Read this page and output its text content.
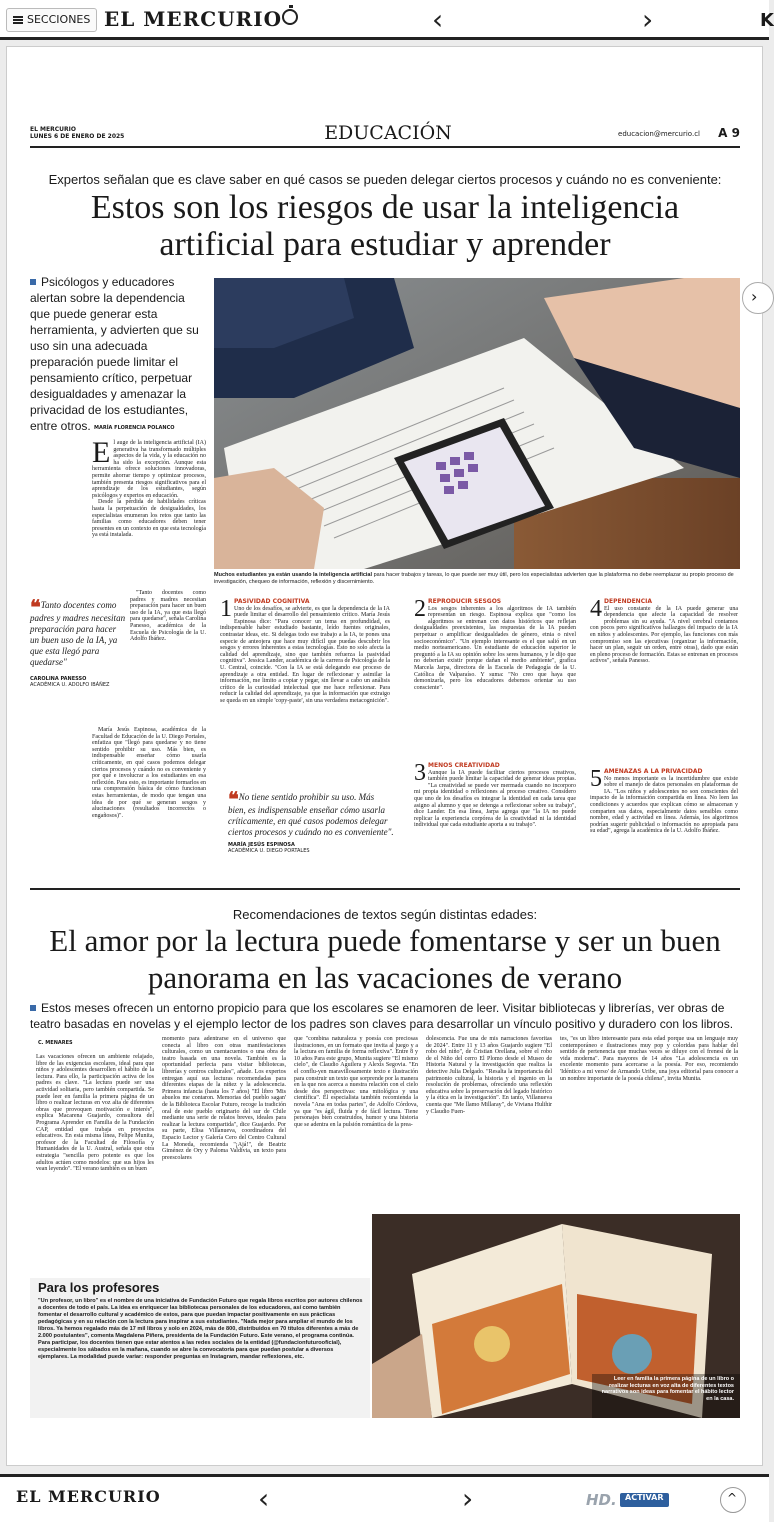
SECCIONES EL MERCURIO	‹	›	K
EL MERCURIO
LUNES 6 DE ENERO DE 2025	EDUCACIÓN	educacion@mercurio.cl A 9
Expertos señalan que es clave saber en qué casos se pueden delegar ciertos procesos y cuándo no es conveniente:
Estos son los riesgos de usar la inteligencia artificial para estudiar y aprender
Psicólogos y educadores alertan sobre la dependencia que puede generar esta herramienta, y advierten que su uso sin una adecuada preparación puede limitar el pensamiento crítico, perpetuar desigualdades y amenazar la privacidad de los estudiantes, entre otros. MARÍA FLORENCIA POLANCO
El auge de la inteligencia artificial (IA) generativa ha transformado múltiples aspectos de la vida, y la educación no ha sido la excepción. Aunque esta herramienta ofrece soluciones innovadoras, permite ahorrar tiempo y optimizar procesos, también presenta riesgos significativos para el aprendizaje de los estudiantes, según psicólogos y expertos en educación.

Desde la pérdida de habilidades críticas hasta la perpetuación de desigualdades, los especialistas enumeran los retos que tanto las familias como educadores deben tener presentes en un contexto en que esta tecnología ya está instalada.

❝Tanto docentes como padres y madres necesitan preparación para hacer un buen uso de la IA, ya que esta llegó para quedarse"
CAROLINA PANESSO
ACADÉMICA U. ADOLFO IBÁÑEZ

"Tanto docentes como padres y madres necesitan preparación para hacer un buen uso de la IA, ya que esta llegó para quedarse", señala Carolina Panesso, académica de la Escuela de Psicología de la U. Adolfo Ibáñez.

María Jesús Espinosa, académica de la Facultad de Educación de la U. Diego Portales, enfatiza que "llegó para quedarse y no tiene sentido prohibir su uso. Más bien, es indispensable enseñar cómo usarla críticamente, en qué casos podemos delegar ciertos procesos y cuándo no es conveniente y por qué e involucrar a los estudiantes en esa reflexión. Para esto, es importante formarlos en una comprensión básica de cómo funcionan estas herramientas, de modo que tengan una idea de por qué se generan sesgos y alucinaciones (resultados incorrectos o engañosos)".

Muchos estudiantes ya están usando la inteligencia artificial para hacer trabajos y tareas, lo que puede ser muy útil, pero los especialistas advierten que la plataforma no debe reemplazar su propio proceso de investigación, chequeo de información, reflexión y discernimiento.
1 PASIVIDAD COGNITIVA
Uno de los desafíos, se advierte, es que la dependencia de la IA puede limitar el desarrollo del pensamiento crítico. María Jesús Espinosa dice: "Para conocer un tema en profundidad, es indispensable haber estudiado bastante, leído fuentes originales, contrastar ideas, etc. Si delegas todo ese trabajo a la IA, te pones una especie de anteojera que hace muy difícil que puedas descubrir los sesgos y errores inherentes a estas tecnologías. Esto no solo afecta la calidad del aprendizaje, sino que también refuerza la pasividad cognitiva". Jessica Lander, académica de la carrera de Psicología de la U. Central, coincide. "Con la IA se está delegando ese proceso de aprendizaje a otra entidad. En lugar de reflexionar y asimilar la información, me limito a copiar y pegar, sin llevar a cabo un análisis crítico de la curiosidad intelectual que me hace reflexionar. Para reducir la calidad del aprendizaje, ya que la información que extraigo se queda en un simple 'copy-paste', sin una verdadera metacognición".
❝No tiene sentido prohibir su uso. Más bien, es indispensable enseñar cómo usarla críticamente, en qué casos podemos delegar ciertos procesos y cuándo no es conveniente".
MARÍA JESÚS ESPINOSA
ACADÉMICA U. DIEGO PORTALES
2 REPRODUCIR SESGOS
Los sesgos inherentes a los algoritmos de IA también representan un riesgo. Espinosa explica que "como los algoritmos se entrenan con datos históricos que reflejan desigualdades preexistentes, las respuestas de la IA pueden perpetuar o amplificar desigualdades de género, etnia o nivel socioeconómico". "Un ejemplo interesante es el que salió en un medio norteamericano. Un estudiante de educación superior le preguntó a la IA su opinión sobre los seres humanos, y le dijo que no deberían existir porque dañan el medio ambiente", grafica Marcela Jarpa, directora de la Escuela de Pedagogía de la U. Católica de Valparaíso. Y suma: "No creo que haya que demonizarla, pero los educadores debemos orientar su uso consciente".
3 MENOS CREATIVIDAD
Aunque la IA puede facilitar ciertos procesos creativos, también puede limitar la capacidad de generar ideas propias. "La creatividad se puede ver mermada cuando no incorporo mi propia identidad o reflexiones al proceso creativo. Considero que uno de los desafíos es integrar la identidad en cada tarea que asigno al alumno y que se detenga a reflexionar sobre su trabajo", dice Lander. En esa línea, Jarpa agrega que "la IA no puede replicar la experiencia corpórea de la creatividad ni la identidad individual que cada estudiante aporta a su trabajo".
4 DEPENDENCIA
El uso constante de la IA puede generar una dependencia que afecte la capacidad de resolver problemas sin su ayuda. "A nivel cerebral contamos con pocos pero significativos hallazgos del impacto de la IA en niños y adolescentes. Por ejemplo, las funciones con más compromiso son las ejecutivas (organizar la información, hacer un plan, seguir un orden, entre otras), dado que están en pleno proceso de formación. Estas se entrenan en procesos activos", señala Panesso.
5 AMENAZAS A LA PRIVACIDAD
No menos importante es la incertidumbre que existe sobre el manejo de datos personales en plataformas de IA. "Los niños y adolescentes no son conscientes del impacto de la información compartida en línea. No leen las condiciones y acuerdos que explican cómo se almacenan y comparten sus datos, especialmente datos sensibles como nombre, edad y actividad en línea. Además, los algoritmos podrían sugerir publicidad o información no apropiada para su edad", agrega la académica de la U. Adolfo Ibáñez.
Recomendaciones de textos según distintas edades:
El amor por la lectura puede fomentarse y ser un buen panorama en las vacaciones de verano
Estos meses ofrecen un entorno propicio para que los escolares se enamoren de leer. Visitar bibliotecas y librerías, ver obras de teatro basadas en novelas y el ejemplo lector de los padres son claves para desarrollar un vínculo positivo y duradero con los libros.
C. MENARES
Las vacaciones ofrecen un ambiente relajado, libre de las exigencias escolares, ideal para que niños y adolescentes desarrollen el hábito de la lectura. Para ello, la participación activa de los padres es clave. "La lectura puede ser una actividad solitaria, pero también compartida. Se puede leer en familia la primera página de un libro o realizar lecturas en voz alta de diferentes obras que provoquen motivación e interés", explica Macarena Guajardo, consultora del Programa Aprender en Familia de la Fundación CAP, entidad que trabaja en proyectos educativos. En esta misma línea, Felipe Munita, profesor de la Facultad de Filosofía y Humanidades de la U. Austral, señala que otra estrategia "sencilla pero potente es que los adultos actúen como modelos: que sus hijos les vean leyendo". "El verano también es un buen
momento para adentrarse en el universo que conecta al libro con otras manifestaciones culturales, como un cuentacuentos o una obra de teatro basada en una novela. También es la oportunidad perfecta para visitar bibliotecas, librerías y centros culturales", añade. Los expertos entregan aquí sus lecturas recomendadas para diferentes etapas de la niñez y la adolescencia. Primera infancia (hasta los 7 años) "El libro 'Mis abuelos me contaron. Memorias del pueblo sagan' de la Biblioteca Escolar Futuro, recoge la tradición oral de este pueblo originario del sur de Chile mediante una serie de relatos breves, ideales para realizar la lectura compartida", dice Guajardo. Por su parte, Elisa Villanueva, coordinadora del Espacio Lector y Galería Cero del Centro Cultural La Moneda, recomienda "¡Ajá!", de Beatriz Giménez de Ory y Paloma Valdivia, un texto para preescolares
que "combina naturaleza y poesía con preciosas ilustraciones, en un formato que invita al juego y a la lectura en familia de forma reflexiva". Entre 8 y 10 años Para este grupo, Munita sugiere "El mismo cielo", de Claudio Aguilera y Alexis Segovia. "En el conflu-yen maravillosamente texto e ilustración para construir un texto que sorprende por la manera en la que nos acerca a nuestra relación con el cielo desde dos perspectivas: una mitológica y una científica". El especialista también recomienda la novela "Ana en todas partes", de Adolfo Córdova, ya que "es ágil, fluida y de fácil lectura. Tiene personajes bien construidos, humor y una historia que se adentra en la pulsión romántica de la prea-
dolescencia. Fue una de mis narraciones favoritas de 2024". Entre 11 y 13 años Guajardo sugiere "El robo del niño", de Cristian Orellana, sobre el robo de el Niño del cerro El Plomo desde el Museo de Historia Natural y la investigación que realiza la detective Julia Delgado. "Resalta la importancia del patrimonio cultural, la historia y el ingenio en la resolución de problemas, ofreciendo una reflexión educativa sobre la preservación del legado histórico y la ética en la investigación". En tanto, Villanueva cuenta que "Me llamo Millaray", de Viviana Hulihir y Claudio Fuen-
tes, "es un libro interesante para esta edad porque usa un lenguaje muy contemporáneo e ilustraciones muy pop y coloridas para hablar del sentido de pertenencia que muchas veces se diluye con el frenesí de la vida moderna". Para mayores de 14 años "La adolescencia es un excelente momento para acercarse a la poesía. Por eso, recomiendo 'Idéntico a mi verso' de Armando Uribe, una joya editorial para conocer a un nombre importante de la poesía chilena", invita Munita.
Leer en familia la primera página de un libro o realizar lecturas en voz alta de diferentes textos narrativos son ideas para fomentar el hábito lector en la casa.
Para los profesores
"Un profesor, un libro" es el nombre de una iniciativa de Fundación Futuro que regala libros escritos por autores chilenos a docentes de todo el país. La idea es enriquecer las bibliotecas personales de los educadores, así como también fomentar el desarrollo cultural y académico de estos, para que puedan impactar positivamente en sus prácticas pedagógicas y en su relación con la lectura para inspirar a sus estudiantes. "Nada mejor para ampliar el mundo de los libros. Ya hemos regalado más de 17 mil libros y solo en 2024, más de 800, distribuidos en 70 títulos diferentes a más de 2.000 postulantes", comenta Magdalena Piñera, presidenta de la Fundación Futuro. Este verano, el programa continúa. Para participar, los docentes tienen que estar atentos a las redes sociales de la entidad (@fundacionfuturooficial), especialmente los sábados en la mañana, cuando se abre la convocatoria para que puedan postular a diversos ejemplares. La modalidad puede variar: responder preguntas en Instagram, mandar reflexiones, etc.
›
EL MERCURIO	‹	›	HD.	ACTIVAR	^
